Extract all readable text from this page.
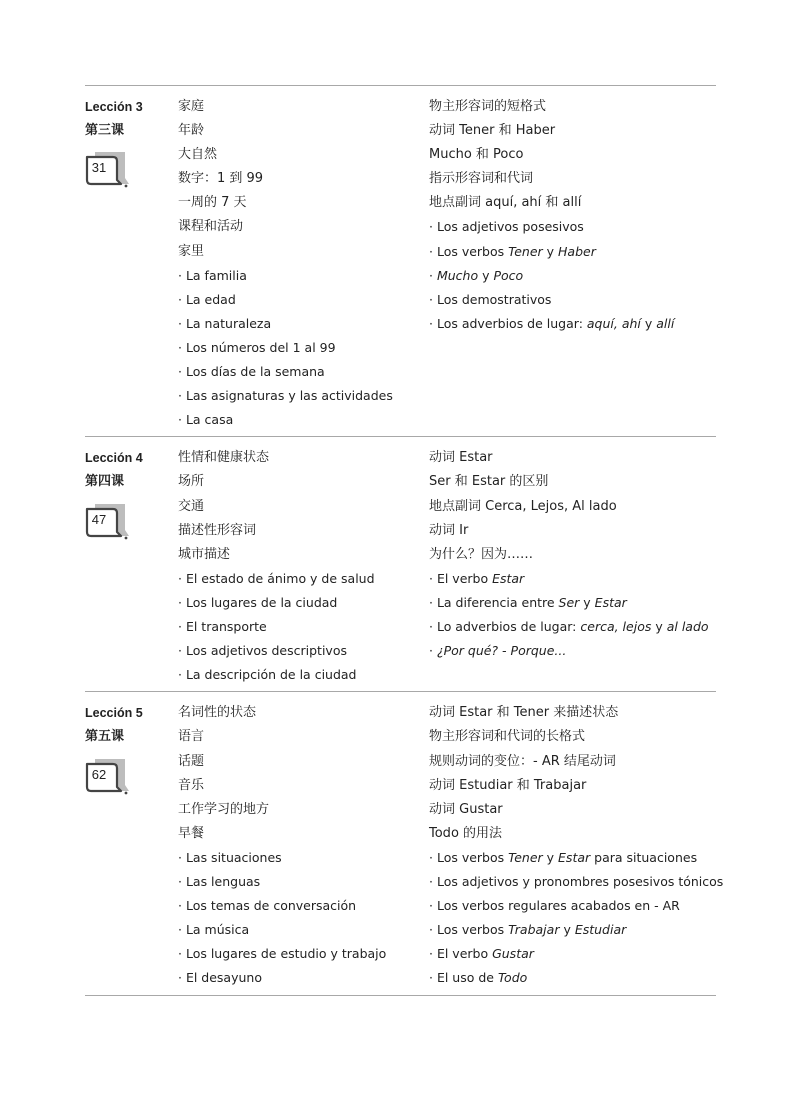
Lección 3
第三课
31
家庭
年龄
大自然
数字：1 到 99
一周的 7 天
课程和活动
家里
· La familia
· La edad
· La naturaleza
· Los números del 1 al 99
· Los días de la semana
· Las asignaturas y las actividades
· La casa
物主形容词的短格式
动词 Tener 和 Haber
Mucho 和 Poco
指示形容词和代词
地点副词 aquí, ahí 和 allí
· Los adjetivos posesivos
· Los verbos Tener y Haber
· Mucho y Poco
· Los demostrativos
· Los adverbios de lugar: aquí, ahí y allí
Lección 4
第四课
47
性情和健康状态
场所
交通
描述性形容词
城市描述
· El estado de ánimo y de salud
· Los lugares de la ciudad
· El transporte
· Los adjetivos descriptivos
· La descripción de la ciudad
动词 Estar
Ser 和 Estar 的区别
地点副词 Cerca, Lejos, Al lado
动词 Ir
为什么？因为……
· El verbo Estar
· La diferencia entre Ser y Estar
· Lo adverbios de lugar: cerca, lejos y al lado
· ¿Por qué? - Porque...
Lección 5
第五课
62
名词性的状态
语言
话题
音乐
工作学习的地方
早餐
· Las situaciones
· Las lenguas
· Los temas de conversación
· La música
· Los lugares de estudio y trabajo
· El desayuno
动词 Estar 和 Tener 来描述状态
物主形容词和代词的长格式
规则动词的变位：- AR 结尾动词
动词 Estudiar 和 Trabajar
动词 Gustar
Todo 的用法
· Los verbos Tener y Estar para situaciones
· Los adjetivos y pronombres posesivos tónicos
· Los verbos regulares acabados en - AR
· Los verbos Trabajar y Estudiar
· El verbo Gustar
· El uso de Todo
